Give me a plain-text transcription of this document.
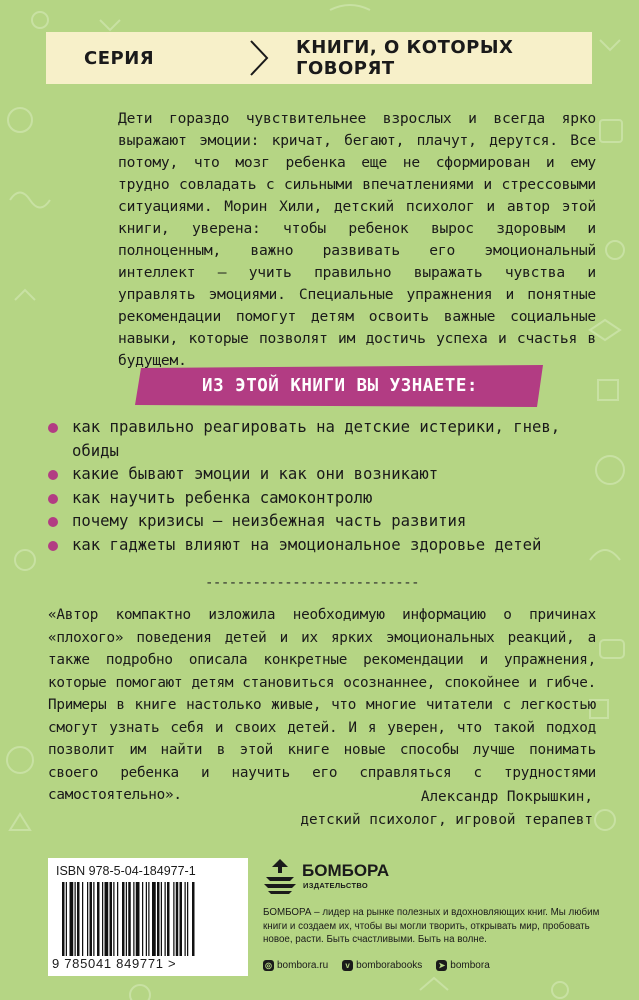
СЕРИЯ	КНИГИ, О КОТОРЫХ ГОВОРЯТ
Дети гораздо чувствительнее взрослых и всегда ярко выражают эмоции: кричат, бегают, плачут, дерутся. Все потому, что мозг ребенка еще не сформирован и ему трудно совладать с сильными впечатлениями и стрессовыми ситуациями. Морин Хили, детский психолог и автор этой книги, уверена: чтобы ребенок вырос здоровым и полноценным, важно развивать его эмоциональный интеллект – учить правильно выражать чувства и управлять эмоциями. Специальные упражнения и понятные рекомендации помогут детям освоить важные социальные навыки, которые позволят им достичь успеха и счастья в будущем.
ИЗ ЭТОЙ КНИГИ ВЫ УЗНАЕТЕ:
как правильно реагировать на детские истерики, гнев, обиды
какие бывают эмоции и как они возникают
как научить ребенка самоконтролю
почему кризисы – неизбежная часть развития
как гаджеты влияют на эмоциональное здоровье детей
---------------------------
«Автор компактно изложила необходимую информацию о причинах «плохого» поведения детей и их ярких эмоциональных реакций, а также подробно описала конкретные рекомендации и упражнения, которые помогают детям становиться осознаннее, спокойнее и гибче. Примеры в книге настолько живые, что многие читатели с легкостью смогут узнать себя и своих детей. И я уверен, что такой подход позволит им найти в этой книге новые способы лучше понимать своего ребенка и научить его справляться с трудностями самостоятельно».	Александр Покрышкин,
детский психолог, игровой терапевт
ISBN 978-5-04-184977-1
9 785041 849771 >
БОМБОРА
ИЗДАТЕЛЬСТВО
БОМБОРА – лидер на рынке полезных и вдохновляющих книг. Мы любим книги и создаем их, чтобы вы могли творить, открывать мир, пробовать новое, расти. Быть счастливыми. Быть на волне.
◎ bombora.ru	v bomborabooks ➤ bombora
